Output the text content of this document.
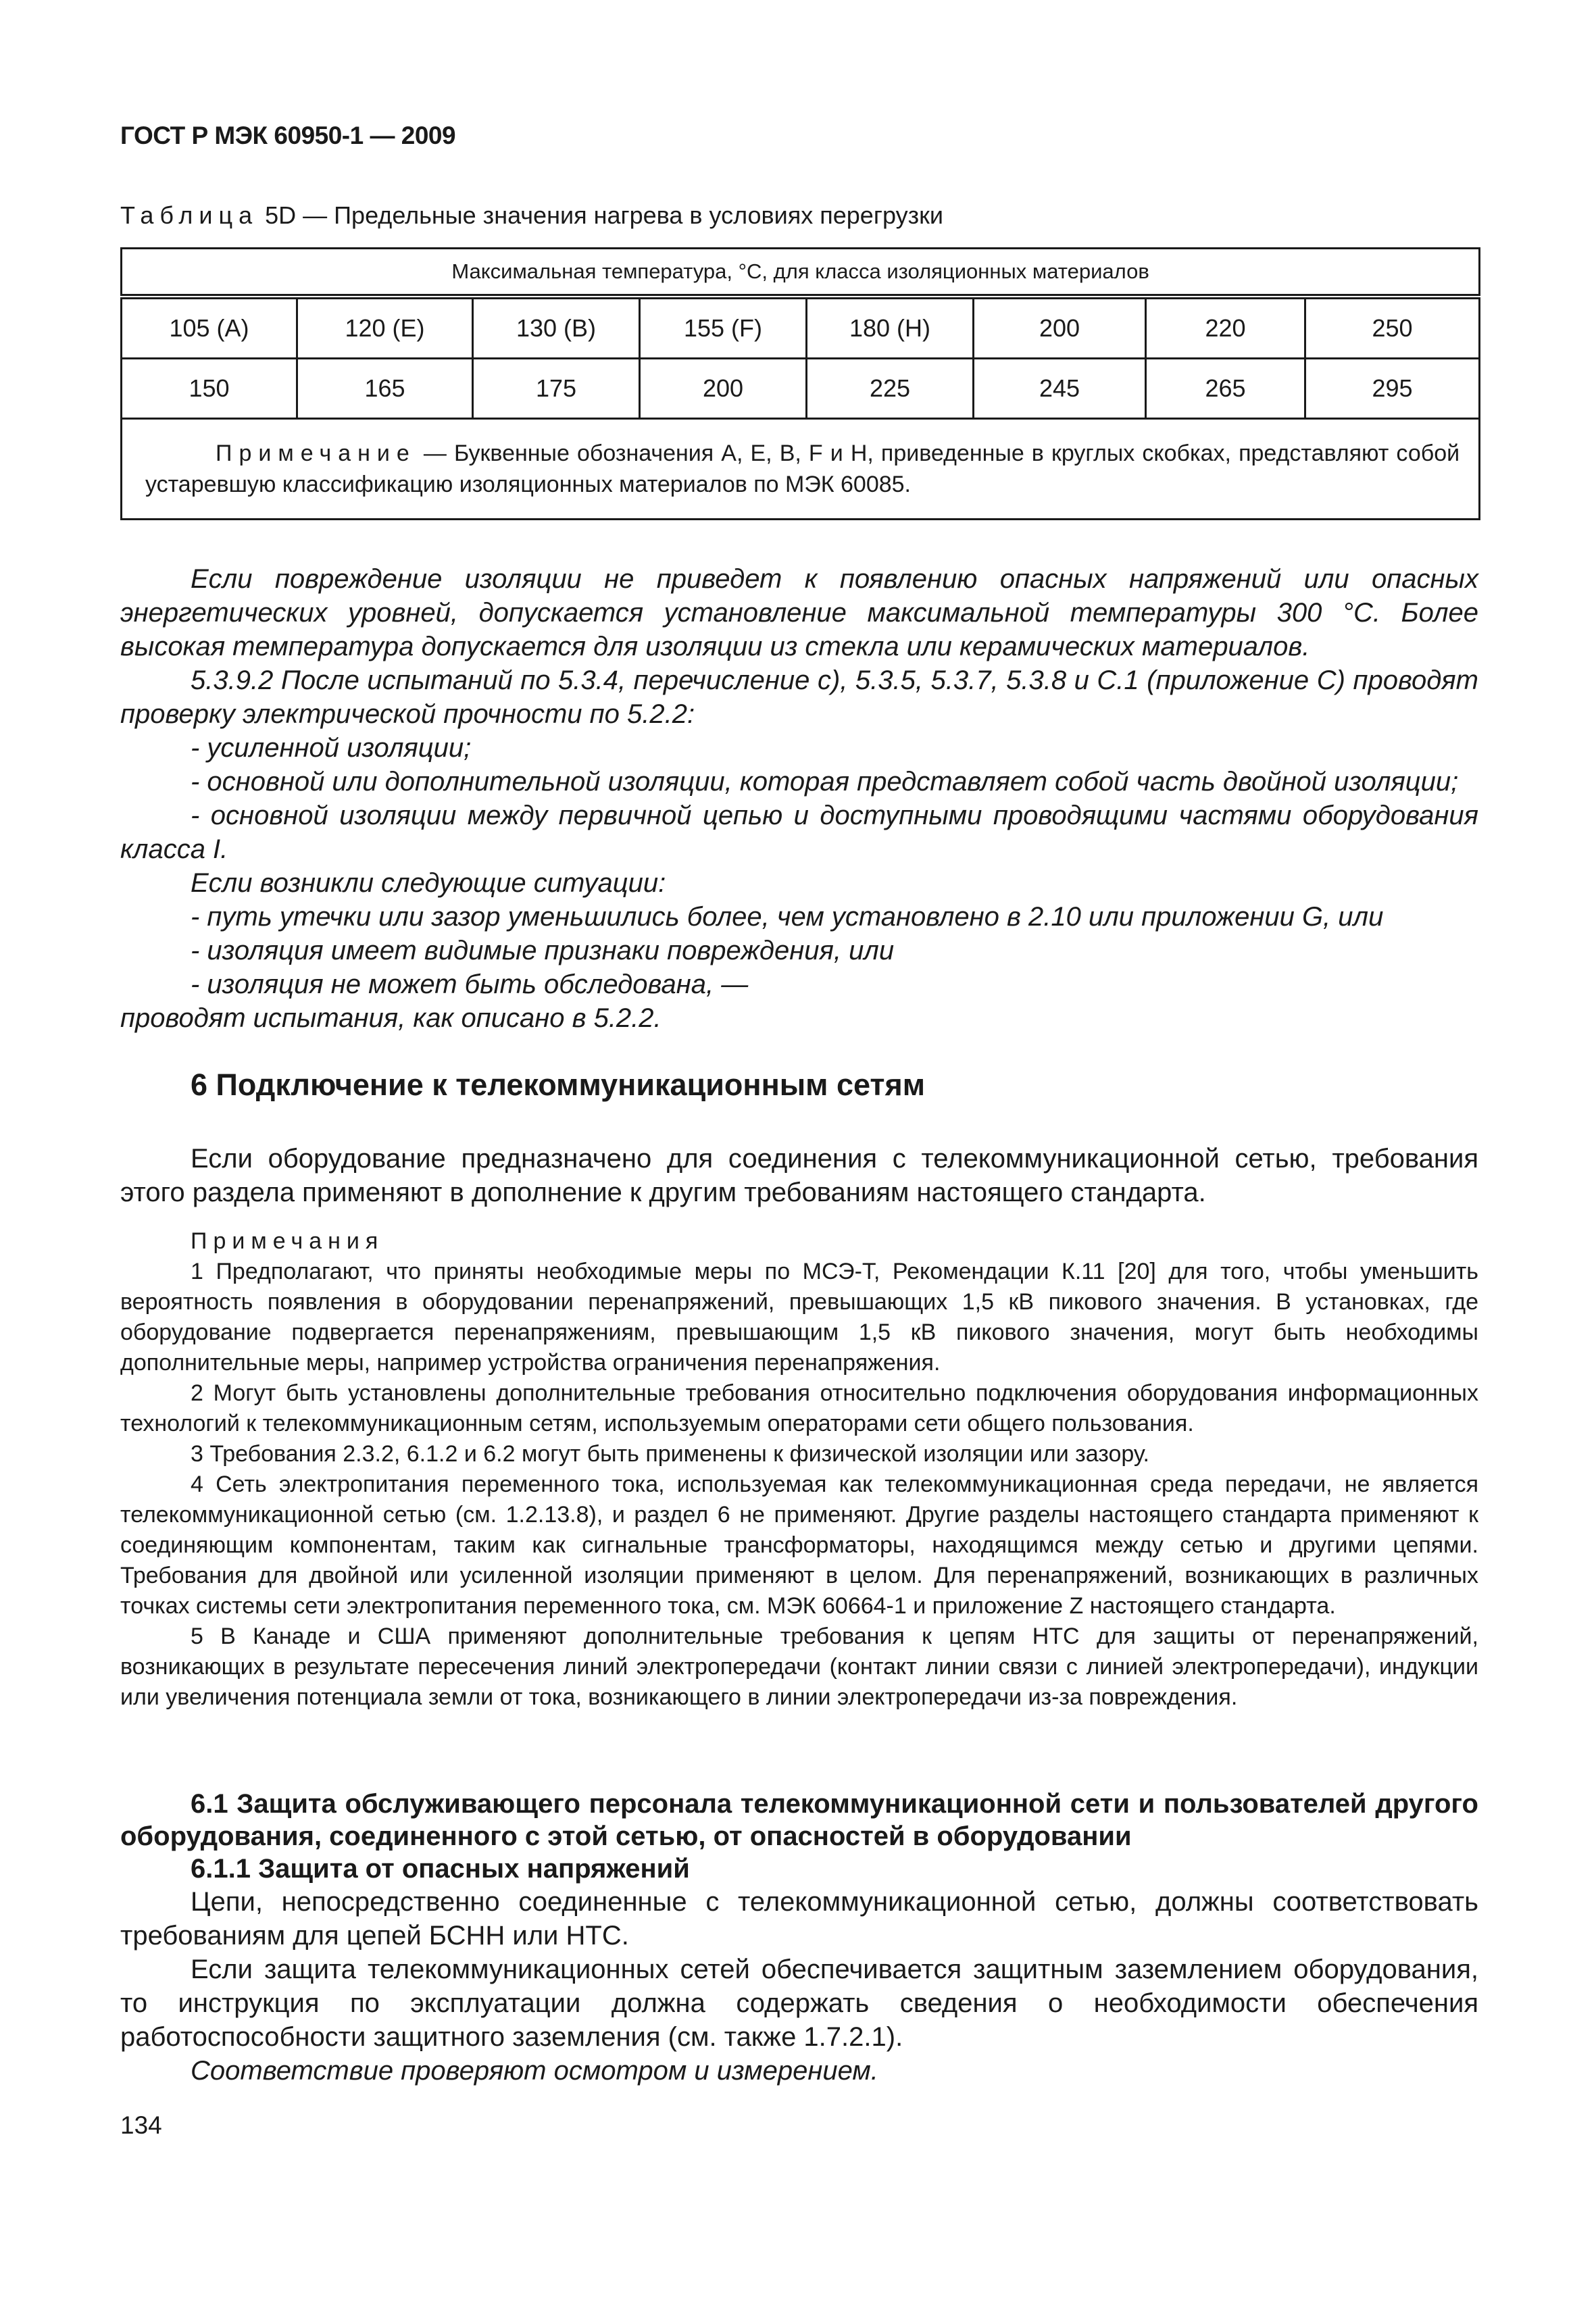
ГОСТ Р МЭК 60950-1 — 2009
Таблица 5D — Предельные значения нагрева в условиях перегрузки
Максимальная температура, °С, для класса изоляционных материалов							
105 (A)	120 (E)	130 (B)	155 (F)	180 (H)	200	220	250
150	165	175	200	225	245	265	295
Примечание — Буквенные обозначения А, Е, В, F и Н, приведенные в круглых скобках, представляют собой устаревшую классификацию изоляционных материалов по МЭК 60085.							

Если повреждение изоляции не приведет к появлению опасных напряжений или опасных энергетических уровней, допускается установление максимальной температуры 300 °С. Более высокая температура допускается для изоляции из стекла или керамических материалов.

5.3.9.2 После испытаний по 5.3.4, перечисление с), 5.3.5, 5.3.7, 5.3.8 и С.1 (приложение С) проводят проверку электрической прочности по 5.2.2:

- усиленной изоляции;

- основной или дополнительной изоляции, которая представляет собой часть двойной изоляции;

- основной изоляции между первичной цепью и доступными проводящими частями оборудования класса I.

Если возникли следующие ситуации:

- путь утечки или зазор уменьшились более, чем установлено в 2.10 или приложении G, или

- изоляция имеет видимые признаки повреждения, или

- изоляция не может быть обследована, —

проводят испытания, как описано в 5.2.2.

6 Подключение к телекоммуникационным сетям

Если оборудование предназначено для соединения с телекоммуникационной сетью, требования этого раздела применяют в дополнение к другим требованиям настоящего стандарта.

Примечания

1 Предполагают, что приняты необходимые меры по МСЭ-Т, Рекомендации К.11 [20] для того, чтобы уменьшить вероятность появления в оборудовании перенапряжений, превышающих 1,5 кВ пикового значения. В установках, где оборудование подвергается перенапряжениям, превышающим 1,5 кВ пикового значения, могут быть необходимы дополнительные меры, например устройства ограничения перенапряжения.

2 Могут быть установлены дополнительные требования относительно подключения оборудования информационных технологий к телекоммуникационным сетям, используемым операторами сети общего пользования.

3 Требования 2.3.2, 6.1.2 и 6.2 могут быть применены к физической изоляции или зазору.

4 Сеть электропитания переменного тока, используемая как телекоммуникационная среда передачи, не является телекоммуникационной сетью (см. 1.2.13.8), и раздел 6 не применяют. Другие разделы настоящего стандарта применяют к соединяющим компонентам, таким как сигнальные трансформаторы, находящимся между сетью и другими цепями. Требования для двойной или усиленной изоляции применяют в целом. Для перенапряжений, возникающих в различных точках системы сети электропитания переменного тока, см. МЭК 60664-1 и приложение Z настоящего стандарта.

5 В Канаде и США применяют дополнительные требования к цепям НТС для защиты от перенапряжений, возникающих в результате пересечения линий электропередачи (контакт линии связи с линией электропередачи), индукции или увеличения потенциала земли от тока, возникающего в линии электропередачи из-за повреждения.

6.1 Защита обслуживающего персонала телекоммуникационной сети и пользователей другого оборудования, соединенного с этой сетью, от опасностей в оборудовании

6.1.1 Защита от опасных напряжений

Цепи, непосредственно соединенные с телекоммуникационной сетью, должны соответствовать требованиям для цепей БСНН или НТС.

Если защита телекоммуникационных сетей обеспечивается защитным заземлением оборудования, то инструкция по эксплуатации должна содержать сведения о необходимости обеспечения работоспособности защитного заземления (см. также 1.7.2.1).

Соответствие проверяют осмотром и измерением.

134
